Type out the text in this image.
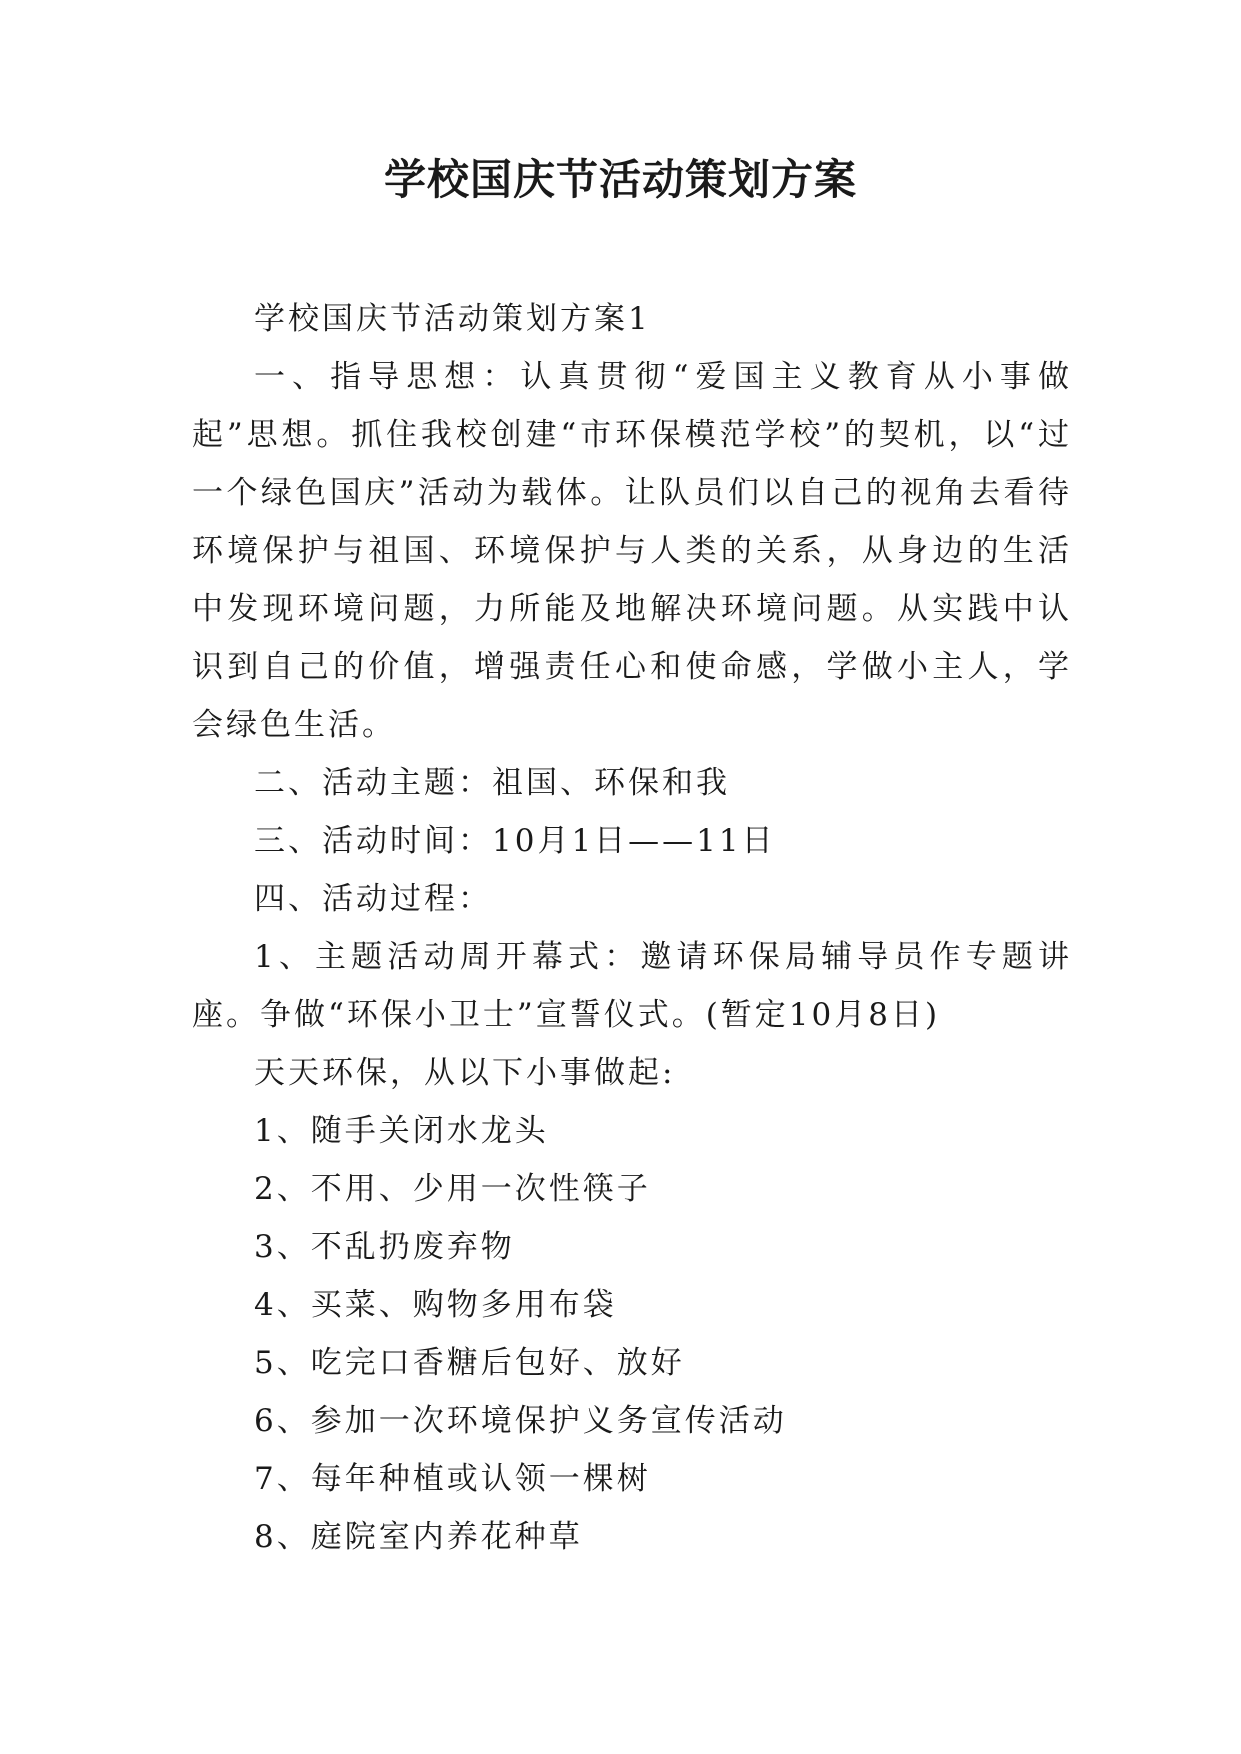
学校国庆节活动策划方案

学校国庆节活动策划方案1

一、指导思想：认真贯彻“爱国主义教育从小事做起”思想。抓住我校创建“市环保模范学校”的契机，以“过一个绿色国庆”活动为载体。让队员们以自己的视角去看待环境保护与祖国、环境保护与人类的关系，从身边的生活中发现环境问题，力所能及地解决环境问题。从实践中认识到自己的价值，增强责任心和使命感，学做小主人，学会绿色生活。

二、活动主题：祖国、环保和我

三、活动时间：10月1日——11日

四、活动过程：

1、主题活动周开幕式：邀请环保局辅导员作专题讲座。争做“环保小卫士”宣誓仪式。(暂定10月8日)

天天环保，从以下小事做起:

1、随手关闭水龙头

2、不用、少用一次性筷子

3、不乱扔废弃物

4、买菜、购物多用布袋

5、吃完口香糖后包好、放好

6、参加一次环境保护义务宣传活动

7、每年种植或认领一棵树

8、庭院室内养花种草
